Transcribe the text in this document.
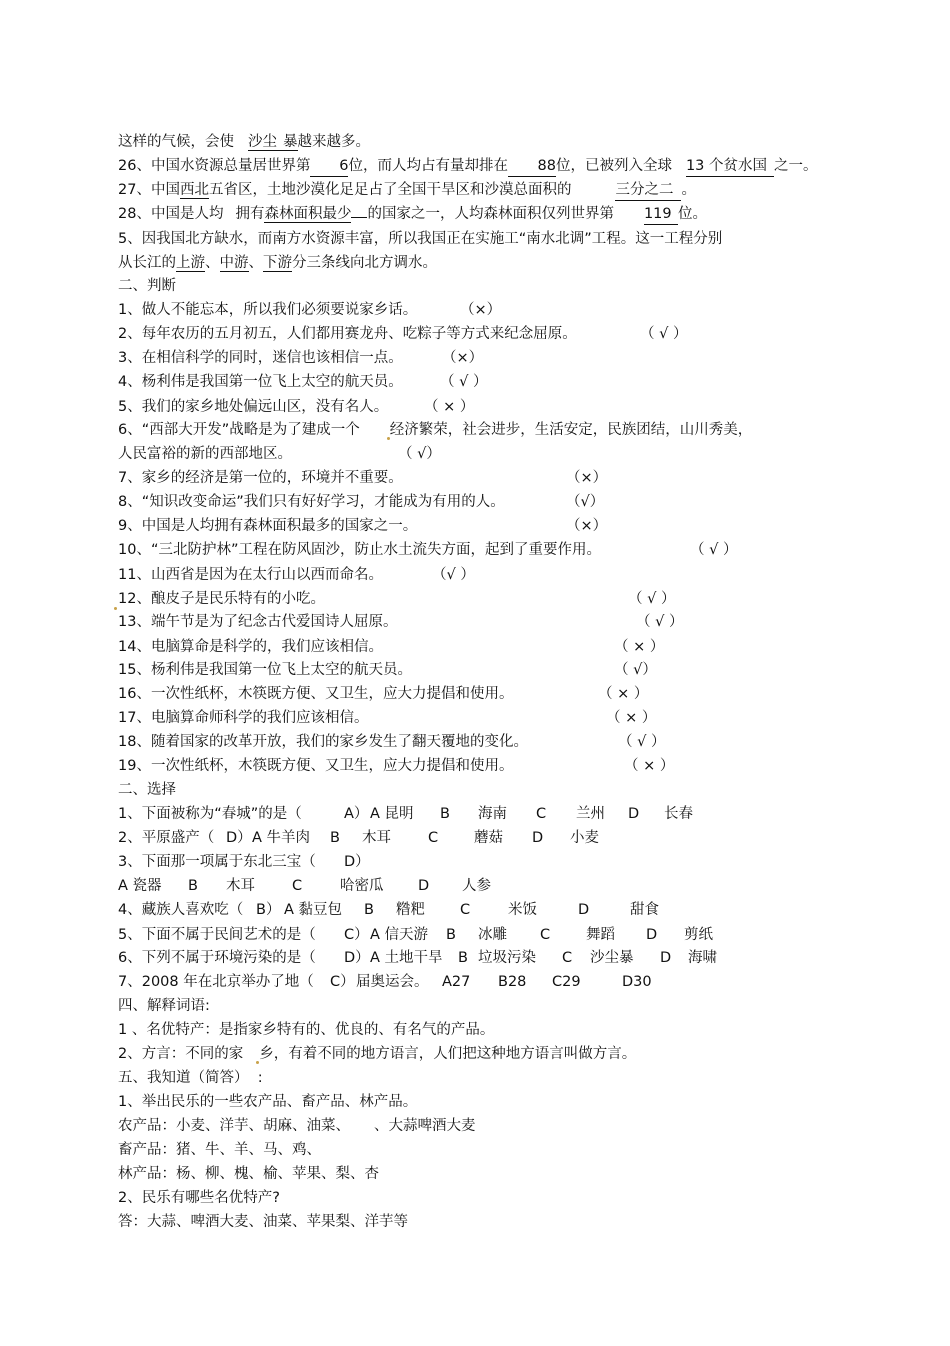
这样的气候，会使 沙尘 暴越来越多。
26、中国水资源总量居世界第 6位，而人均占有量却排在 88位，已被列入全球 13 个贫水国 之一。
27、中国西北五省区，土地沙漠化足足占了全国干旱区和沙漠总面积的	三分之二 。
28、中国是人均 拥有森林面积最少 的国家之一，人均森林面积仅列世界第 119 位。
5、因我国北方缺水，而南方水资源丰富，所以我国正在实施工“南水北调”工程。这一工程分别
从长江的上游、中游、下游分三条线向北方调水。
二、判断
1、做人不能忘本，所以我们必须要说家乡话。	（×）
2、每年农历的五月初五，人们都用赛龙舟、吃粽子等方式来纪念屈原。	（ √ ）
3、在相信科学的同时，迷信也该相信一点。	（×）
4、杨利伟是我国第一位飞上太空的航天员。	（ √ ）
5、我们的家乡地处偏远山区，没有名人。 （ × ）
6、“西部大开发”战略是为了建成一个 经济繁荣，社会进步，生活安定，民族团结，山川秀美，
人民富裕的新的西部地区。	（ √）
7、家乡的经济是第一位的，环境并不重要。	（×）
8、“知识改变命运”我们只有好好学习，才能成为有用的人。	（√）
9、中国是人均拥有森林面积最多的国家之一。	（×）
10、“三北防护林”工程在防风固沙，防止水土流失方面，起到了重要作用。	（ √ ）
11、山西省是因为在太行山以西而命名。	（√ ）
12、酿皮子是民乐特有的小吃。	（ √ ）
13、端午节是为了纪念古代爱国诗人屈原。	（ √ ）
14、电脑算命是科学的，我们应该相信。	（ × ）
15、杨利伟是我国第一位飞上太空的航天员。	（ √）
16、一次性纸杯，木筷既方便、又卫生，应大力提倡和使用。	（ × ）
17、电脑算命师科学的我们应该相信。	（ × ）
18、随着国家的改革开放，我们的家乡发生了翻天覆地的变化。	（ √ ）
19、一次性纸杯，木筷既方便、又卫生，应大力提倡和使用。	（ × ）
二、选择
1、下面被称为“春城”的是（	A） A 昆明 B 海南 C 兰州 D 长春
2、平原盛产（ D） A 牛羊肉 B 木耳	C 蘑菇 D 小麦
3、下面那一项属于东北三宝（ D）
A 瓷器 B 木耳	C	哈密瓜 D 人参
4、藏族人喜欢吃（ B） A 黏豆包 B 糌粑 C	米饭	D	甜食
5、下面不属于民间艺术的是（ C） A 信天游 B 冰雕 C 舞蹈 D 剪纸
6、下列不属于环境污染的是（ D） A 土地干旱 B 垃圾污染 C 沙尘暴 D 海啸
7、2008 年在北京举办了地（ C） 届奥运会。 A27 B28 C29	D30
四、解释词语:
1 、名优特产：是指家乡特有的、优良的、有名气的产品。
2、方言：不同的家 乡，有着不同的地方语言，人们把这种地方语言叫做方言。
五、我知道（简答）  :
1、举出民乐的一些农产品、畜产品、林产品。
农产品：小麦、洋芋、胡麻、油菜、 、大蒜啤酒大麦
畜产品：猪、牛、羊、马、鸡、
林产品：杨、柳、槐、榆、苹果、梨、杏
2、民乐有哪些名优特产?
答：大蒜、啤酒大麦、油菜、苹果梨、洋芋等
